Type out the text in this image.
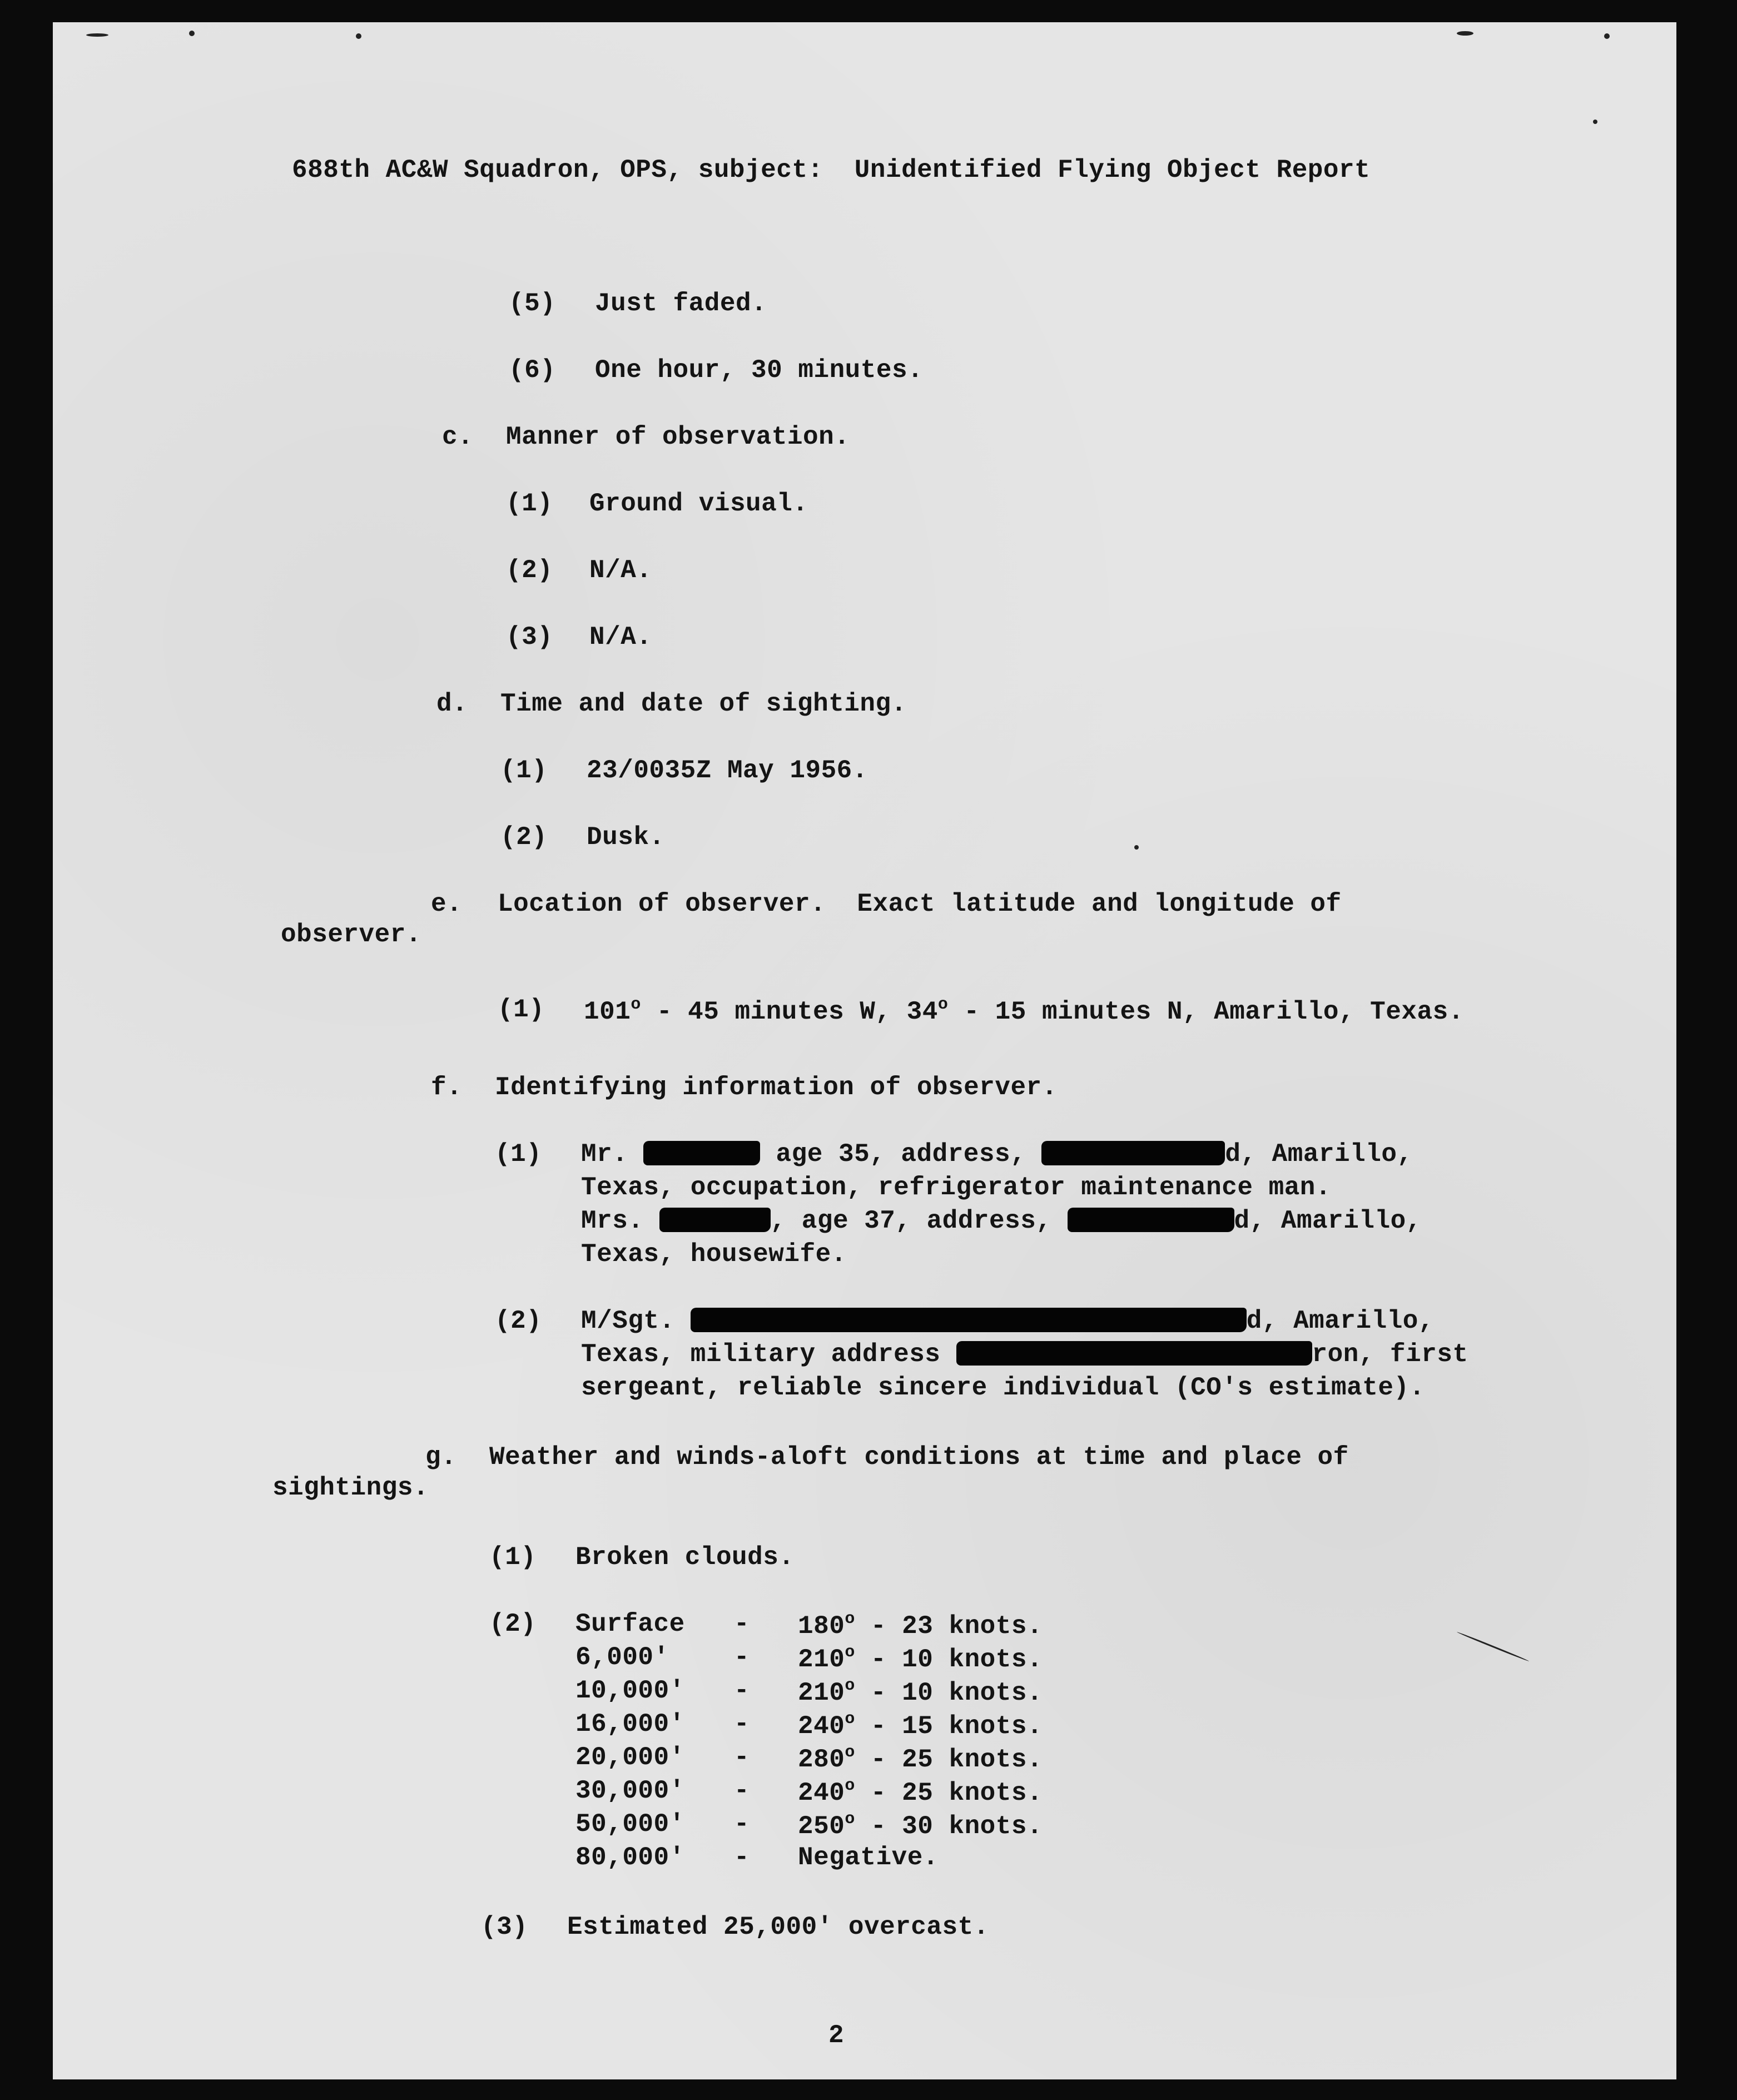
688th AC&W Squadron, OPS, subject:  Unidentified Flying Object Report
(5) Just faded.
(6) One hour, 30 minutes.
c. Manner of observation.
(1) Ground visual.
(2) N/A.
(3) N/A.
d. Time and date of sighting.
(1) 23/0035Z May 1956.
(2) Dusk.
e. Location of observer.  Exact latitude and longitude of
observer.
(1) 101$^o$ - 45 minutes W, 34$^o$ - 15 minutes N, Amarillo, Texas.
f. Identifying information of observer.
(1) Mr.	age 35, address,	d, Amarillo,
Texas, occupation, refrigerator maintenance man.
Mrs.	, age 37, address,	d, Amarillo,
Texas, housewife.
(2) M/Sgt.	d, Amarillo,
Texas, military address	ron, first
sergeant, reliable sincere individual (CO's estimate).
g. Weather and winds-aloft conditions at time and place of
sightings.
(1) Broken clouds.
(2) Surface - 180$^o$ - 23 knots.
6,000'	- 210$^o$ - 10 knots.
10,000' - 210$^o$ - 10 knots.
16,000' - 240$^o$ - 15 knots.
20,000' - 280$^o$ - 25 knots.
30,000' - 240$^o$ - 25 knots.
50,000' - 250$^o$ - 30 knots.
80,000' - Negative.
(3) Estimated 25,000' overcast.
2
